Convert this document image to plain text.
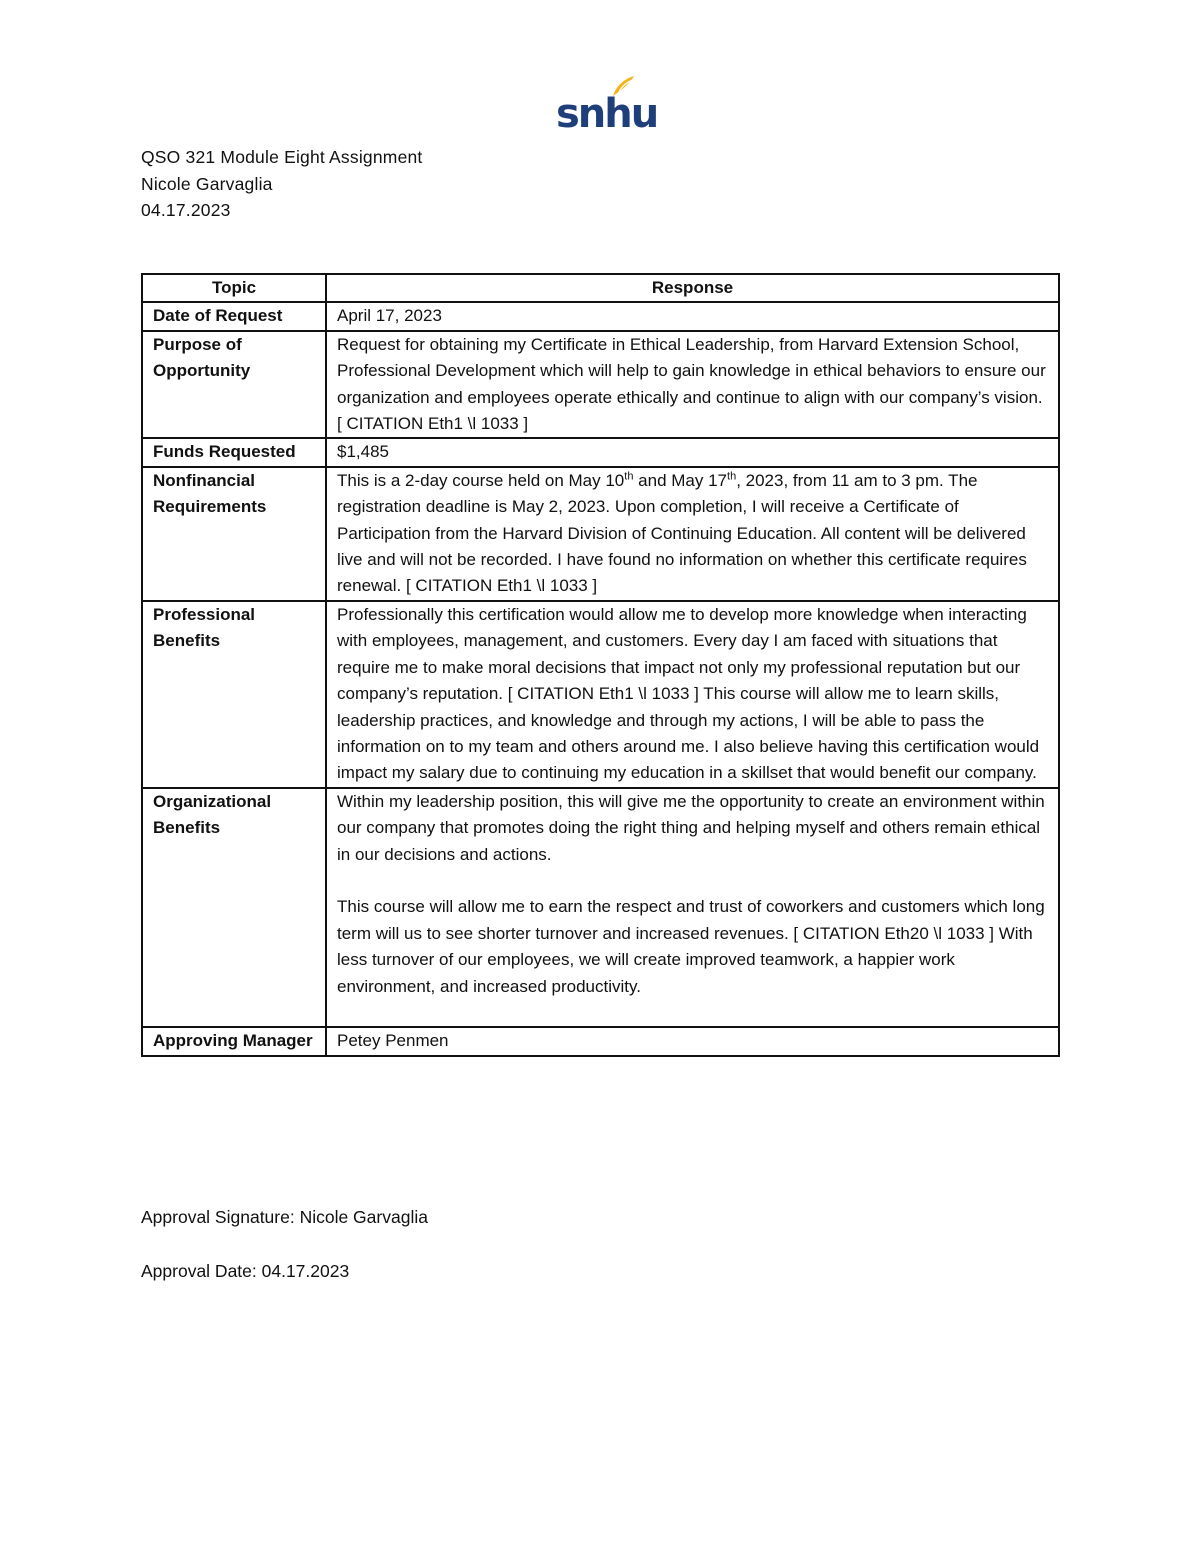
snhu
QSO 321 Module Eight Assignment
Nicole Garvaglia
04.17.2023
Topic	Response
Date of Request	April 17, 2023
Purpose of Opportunity	Request for obtaining my Certificate in Ethical Leadership, from Harvard Extension School, Professional Development which will help to gain knowledge in ethical behaviors to ensure our organization and employees operate ethically and continue to align with our company’s vision. [ CITATION Eth1 \l 1033 ]
Funds Requested	$1,485
Nonfinancial Requirements	This is a 2-day course held on May 10th and May 17th, 2023, from 11 am to 3 pm. The registration deadline is May 2, 2023. Upon completion, I will receive a Certificate of Participation from the Harvard Division of Continuing Education. All content will be delivered live and will not be recorded. I have found no information on whether this certificate requires renewal. [ CITATION Eth1 \l 1033 ]
Professional Benefits	Professionally this certification would allow me to develop more knowledge when interacting with employees, management, and customers. Every day I am faced with situations that require me to make moral decisions that impact not only my professional reputation but our company’s reputation. [ CITATION Eth1 \l 1033 ] This course will allow me to learn skills, leadership practices, and knowledge and through my actions, I will be able to pass the information on to my team and others around me. I also believe having this certification would impact my salary due to continuing my education in a skillset that would benefit our company.
Organizational Benefits	Within my leadership position, this will give me the opportunity to create an environment within our company that promotes doing the right thing and helping myself and others remain ethical in our decisions and actions.
This course will allow me to earn the respect and trust of coworkers and customers which long term will us to see shorter turnover and increased revenues. [ CITATION Eth20 \l 1033 ] With less turnover of our employees, we will create improved teamwork, a happier work environment, and increased productivity.

Approving Manager	Petey Penmen
Approval Signature: Nicole Garvaglia
Approval Date: 04.17.2023
